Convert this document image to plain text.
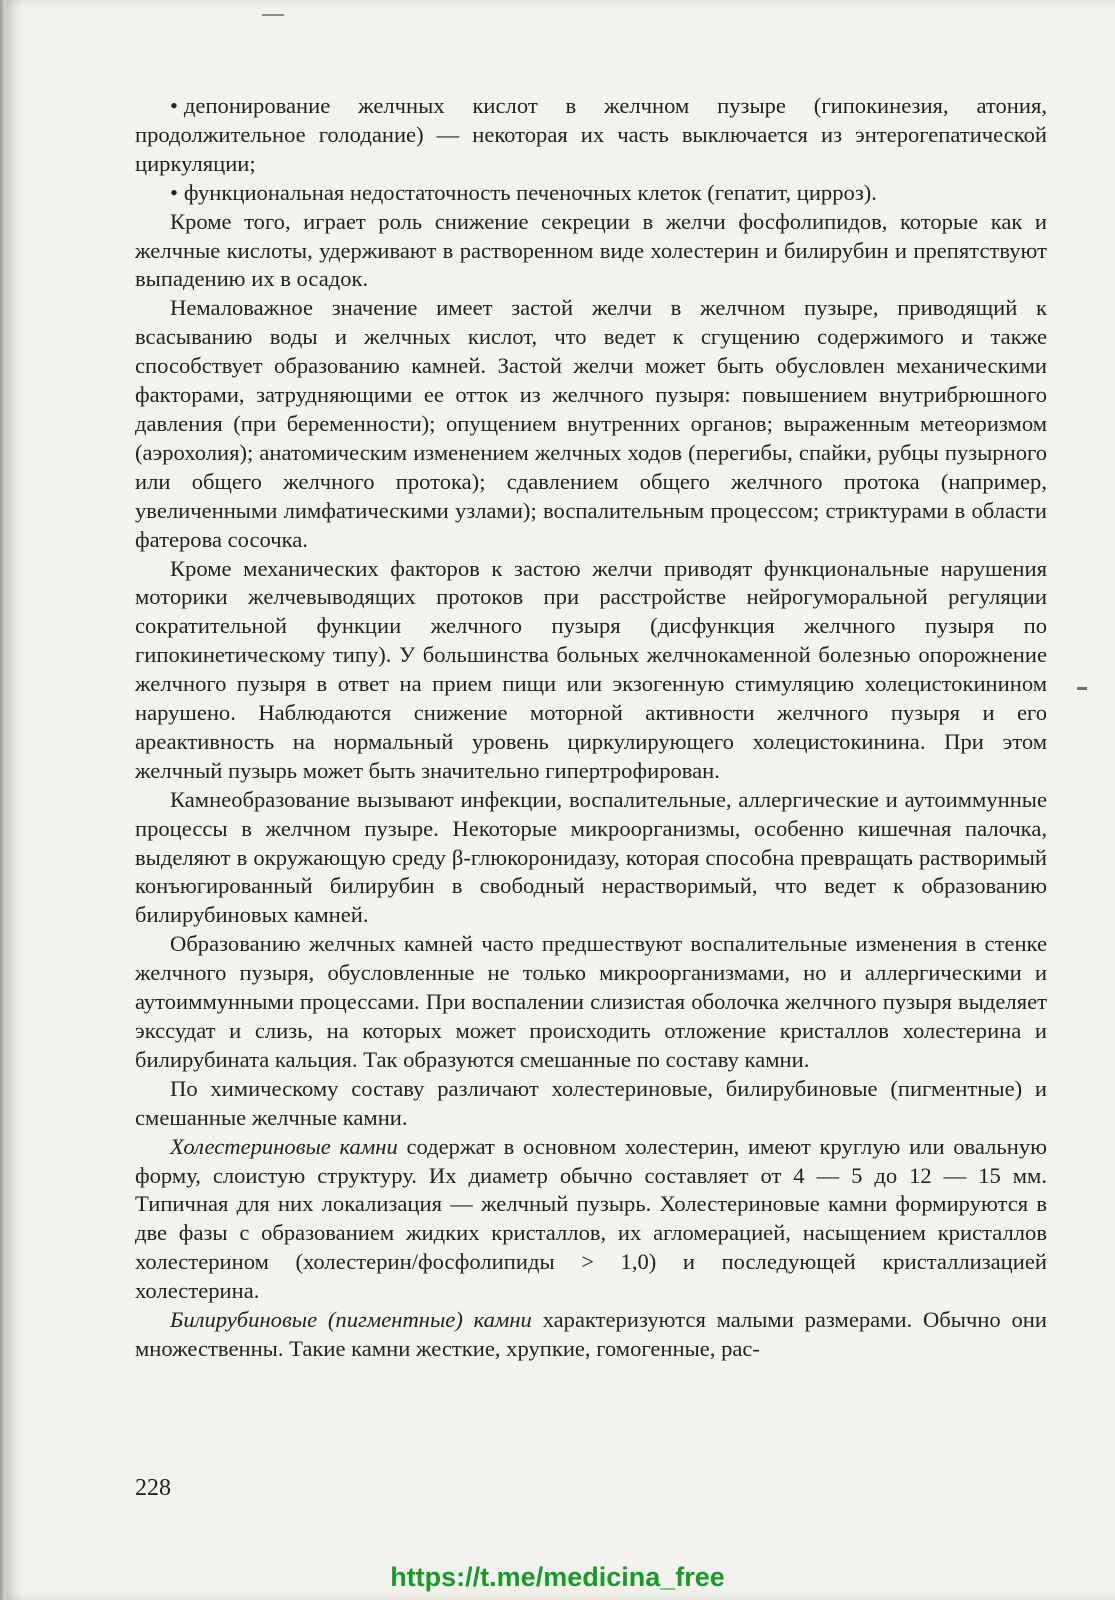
• депонирование желчных кислот в желчном пузыре (гипокинезия, атония, продолжительное голодание) — некоторая их часть выключается из энтерогепатической циркуляции;

• функциональная недостаточность печеночных клеток (гепатит, цирроз).

Кроме того, играет роль снижение секреции в желчи фосфолипидов, которые как и желчные кислоты, удерживают в растворенном виде холестерин и билирубин и препятствуют выпадению их в осадок.

Немаловажное значение имеет застой желчи в желчном пузыре, приводящий к всасыванию воды и желчных кислот, что ведет к сгущению содержимого и также способствует образованию камней. Застой желчи может быть обусловлен механическими факторами, затрудняющими ее отток из желчного пузыря: повышением внутрибрюшного давления (при беременности); опущением внутренних органов; выраженным метеоризмом (аэрохолия); анатомическим изменением желчных ходов (перегибы, спайки, рубцы пузырного или общего желчного протока); сдавлением общего желчного протока (например, увеличенными лимфатическими узлами); воспалительным процессом; стриктурами в области фатерова сосочка.

Кроме механических факторов к застою желчи приводят функциональные нарушения моторики желчевыводящих протоков при расстройстве нейрогуморальной регуляции сократительной функции желчного пузыря (дисфункция желчного пузыря по гипокинетическому типу). У большинства больных желчнокаменной болезнью опорожнение желчного пузыря в ответ на прием пищи или экзогенную стимуляцию холецистокинином нарушено. Наблюдаются снижение моторной активности желчного пузыря и его ареактивность на нормальный уровень циркулирующего холецистокинина. При этом желчный пузырь может быть значительно гипертрофирован.

Камнеобразование вызывают инфекции, воспалительные, аллергические и аутоиммунные процессы в желчном пузыре. Некоторые микроорганизмы, особенно кишечная палочка, выделяют в окружающую среду β-глюкоронидазу, которая способна превращать растворимый конъюгированный билирубин в свободный нерастворимый, что ведет к образованию билирубиновых камней.

Образованию желчных камней часто предшествуют воспалительные изменения в стенке желчного пузыря, обусловленные не только микроорганизмами, но и аллергическими и аутоиммунными процессами. При воспалении слизистая оболочка желчного пузыря выделяет экссудат и слизь, на которых может происходить отложение кристаллов холестерина и билирубината кальция. Так образуются смешанные по составу камни.

По химическому составу различают холестериновые, билирубиновые (пигментные) и смешанные желчные камни.

Холестериновые камни содержат в основном холестерин, имеют круглую или овальную форму, слоистую структуру. Их диаметр обычно составляет от 4 — 5 до 12 — 15 мм. Типичная для них локализация — желчный пузырь. Холестериновые камни формируются в две фазы с образованием жидких кристаллов, их агломерацией, насыщением кристаллов холестерином (холестерин/фосфолипиды > 1,0) и последующей кристаллизацией холестерина.

Билирубиновые (пигментные) камни характеризуются малыми размерами. Обычно они множественны. Такие камни жесткие, хрупкие, гомогенные, рас-

228
https://t.me/medicina_free
